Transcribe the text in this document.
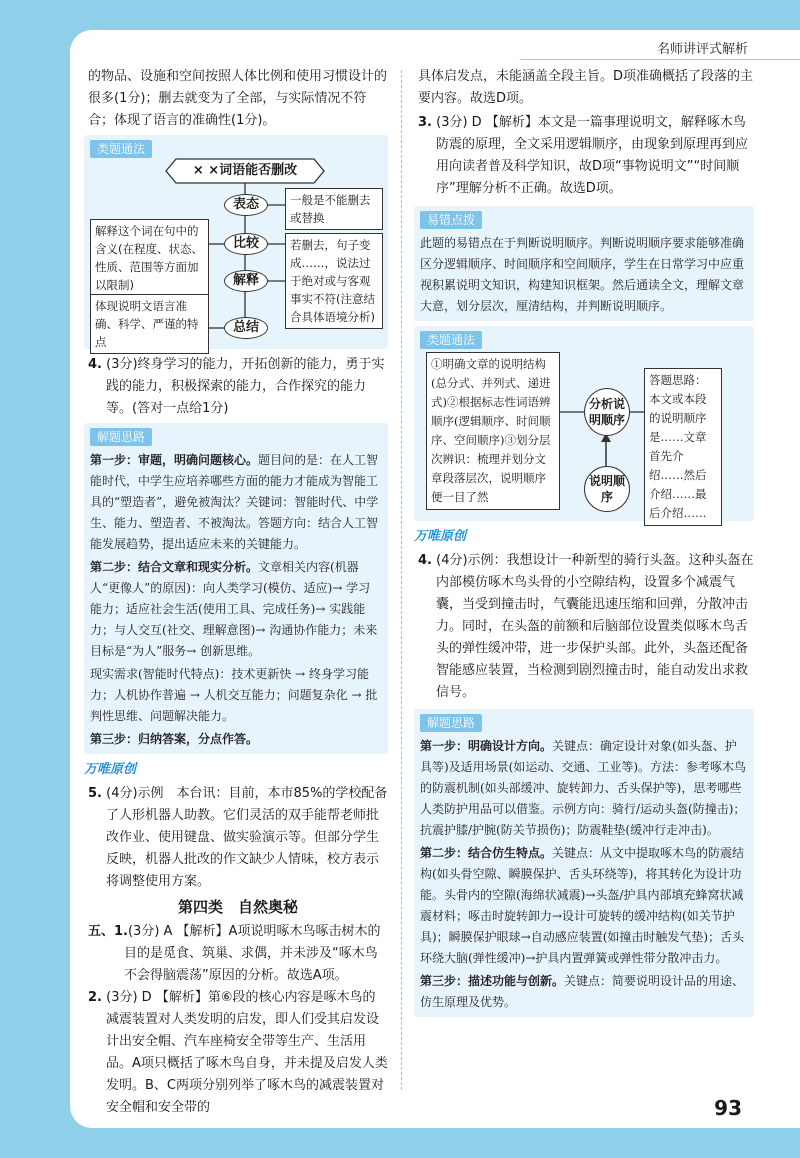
名师讲评式解析

的物品、设施和空间按照人体比例和使用习惯设计的很多(1分)；删去就变为了全部，与实际情况不符合；体现了语言的准确性(1分)。

类题通法
× ×词语能否删改
表态
比较
解释
总结
一般是不能删去或替换
解释这个词在句中的含义(在程度、状态、性质、范围等方面加以限制)
若删去，句子变成……，说法过于绝对或与客观事实不符(注意结合具体语境分析)
体现说明文语言准确、科学、严谨的特点

4. (3分)终身学习的能力，开拓创新的能力，勇于实践的能力，积极探索的能力，合作探究的能力等。(答对一点给1分)

解题思路

第一步：审题，明确问题核心。题目问的是：在人工智能时代，中学生应培养哪些方面的能力才能成为智能工具的“塑造者”，避免被淘汰？关键词：智能时代、中学生、能力、塑造者、不被淘汰。答题方向：结合人工智能发展趋势，提出适应未来的关键能力。

第二步：结合文章和现实分析。文章相关内容(机器人“更像人”的原因)：向人类学习(模仿、适应)→ 学习能力；适应社会生活(使用工具、完成任务)→ 实践能力；与人交互(社交、理解意图)→ 沟通协作能力；未来目标是“为人”服务→ 创新思维。

现实需求(智能时代特点)：技术更新快 → 终身学习能力；人机协作普遍 → 人机交互能力；问题复杂化 → 批判性思维、问题解决能力。

第三步：归纳答案，分点作答。

万唯原创

5. (4分)示例　本台讯：目前，本市85%的学校配备了人形机器人助教。它们灵活的双手能帮老师批改作业、使用键盘、做实验演示等。但部分学生反映，机器人批改的作文缺少人情味，校方表示将调整使用方案。

第四类　自然奥秘

五、1.(3分) A 【解析】A项说明啄木鸟啄击树木的目的是觅食、筑巢、求偶，并未涉及“啄木鸟不会得脑震荡”原因的分析。故选A项。

2. (3分) D 【解析】第⑥段的核心内容是啄木鸟的减震装置对人类发明的启发，即人们受其启发设计出安全帽、汽车座椅安全带等生产、生活用品。A项只概括了啄木鸟自身，并未提及启发人类发明。B、C两项分别列举了啄木鸟的减震装置对安全帽和安全带的

具体启发点，未能涵盖全段主旨。D项准确概括了段落的主要内容。故选D项。

3. (3分) D 【解析】本文是一篇事理说明文，解释啄木鸟防震的原理，全文采用逻辑顺序，由现象到原理再到应用向读者普及科学知识，故D项“事物说明文”“时间顺序”理解分析不正确。故选D项。

易错点拨

此题的易错点在于判断说明顺序。判断说明顺序要求能够准确区分逻辑顺序、时间顺序和空间顺序，学生在日常学习中应重视积累说明文知识，构建知识框架。然后通读全文，理解文章大意，划分层次，厘清结构，并判断说明顺序。

类题通法
①明确文章的说明结构(总分式、并列式、递进式)②根据标志性词语辨顺序(逻辑顺序、时间顺序、空间顺序)③划分层次辨识：梳理并划分文章段落层次，说明顺序便一目了然
分析说明顺序
说明顺序
答题思路：本文或本段的说明顺序是……文章首先介绍……然后介绍……最后介绍……
万唯原创

4. (4分)示例：我想设计一种新型的骑行头盔。这种头盔在内部模仿啄木鸟头骨的小空隙结构，设置多个减震气囊，当受到撞击时，气囊能迅速压缩和回弹，分散冲击力。同时，在头盔的前额和后脑部位设置类似啄木鸟舌头的弹性缓冲带，进一步保护头部。此外，头盔还配备智能感应装置，当检测到剧烈撞击时，能自动发出求救信号。

解题思路

第一步：明确设计方向。关键点：确定设计对象(如头盔、护具等)及适用场景(如运动、交通、工业等)。方法：参考啄木鸟的防震机制(如头部缓冲、旋转卸力、舌头保护等)，思考哪些人类防护用品可以借鉴。示例方向：骑行/运动头盔(防撞击)；抗震护膝/护腕(防关节损伤)；防震鞋垫(缓冲行走冲击)。

第二步：结合仿生特点。关键点：从文中提取啄木鸟的防震结构(如头骨空隙、瞬膜保护、舌头环绕等)，将其转化为设计功能。头骨内的空隙(海绵状减震)→头盔/护具内部填充蜂窝状减震材料；啄击时旋转卸力→设计可旋转的缓冲结构(如关节护具)；瞬膜保护眼球→自动感应装置(如撞击时触发气垫)；舌头环绕大脑(弹性缓冲)→护具内置弹簧或弹性带分散冲击力。

第三步：描述功能与创新。关键点：简要说明设计品的用途、仿生原理及优势。

93
